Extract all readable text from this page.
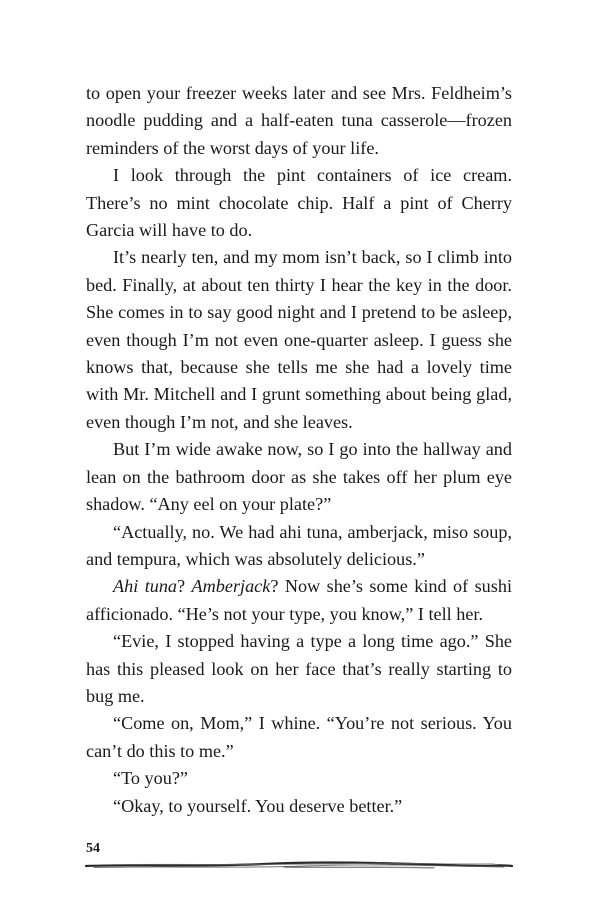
to open your freezer weeks later and see Mrs. Feldheim’s noodle pudding and a half-eaten tuna casserole—frozen reminders of the worst days of your life.

I look through the pint containers of ice cream. There’s no mint chocolate chip. Half a pint of Cherry Garcia will have to do.

It’s nearly ten, and my mom isn’t back, so I climb into bed. Finally, at about ten thirty I hear the key in the door. She comes in to say good night and I pretend to be asleep, even though I’m not even one-quarter asleep. I guess she knows that, because she tells me she had a lovely time with Mr. Mitchell and I grunt something about being glad, even though I’m not, and she leaves.

But I’m wide awake now, so I go into the hallway and lean on the bathroom door as she takes off her plum eye shadow. “Any eel on your plate?”

“Actually, no. We had ahi tuna, amberjack, miso soup, and tempura, which was absolutely delicious.”

Ahi tuna? Amberjack? Now she’s some kind of sushi afficionado. “He’s not your type, you know,” I tell her.

“Evie, I stopped having a type a long time ago.” She has this pleased look on her face that’s really starting to bug me.

“Come on, Mom,” I whine. “You’re not serious. You can’t do this to me.”

“To you?”

“Okay, to yourself. You deserve better.”

54
